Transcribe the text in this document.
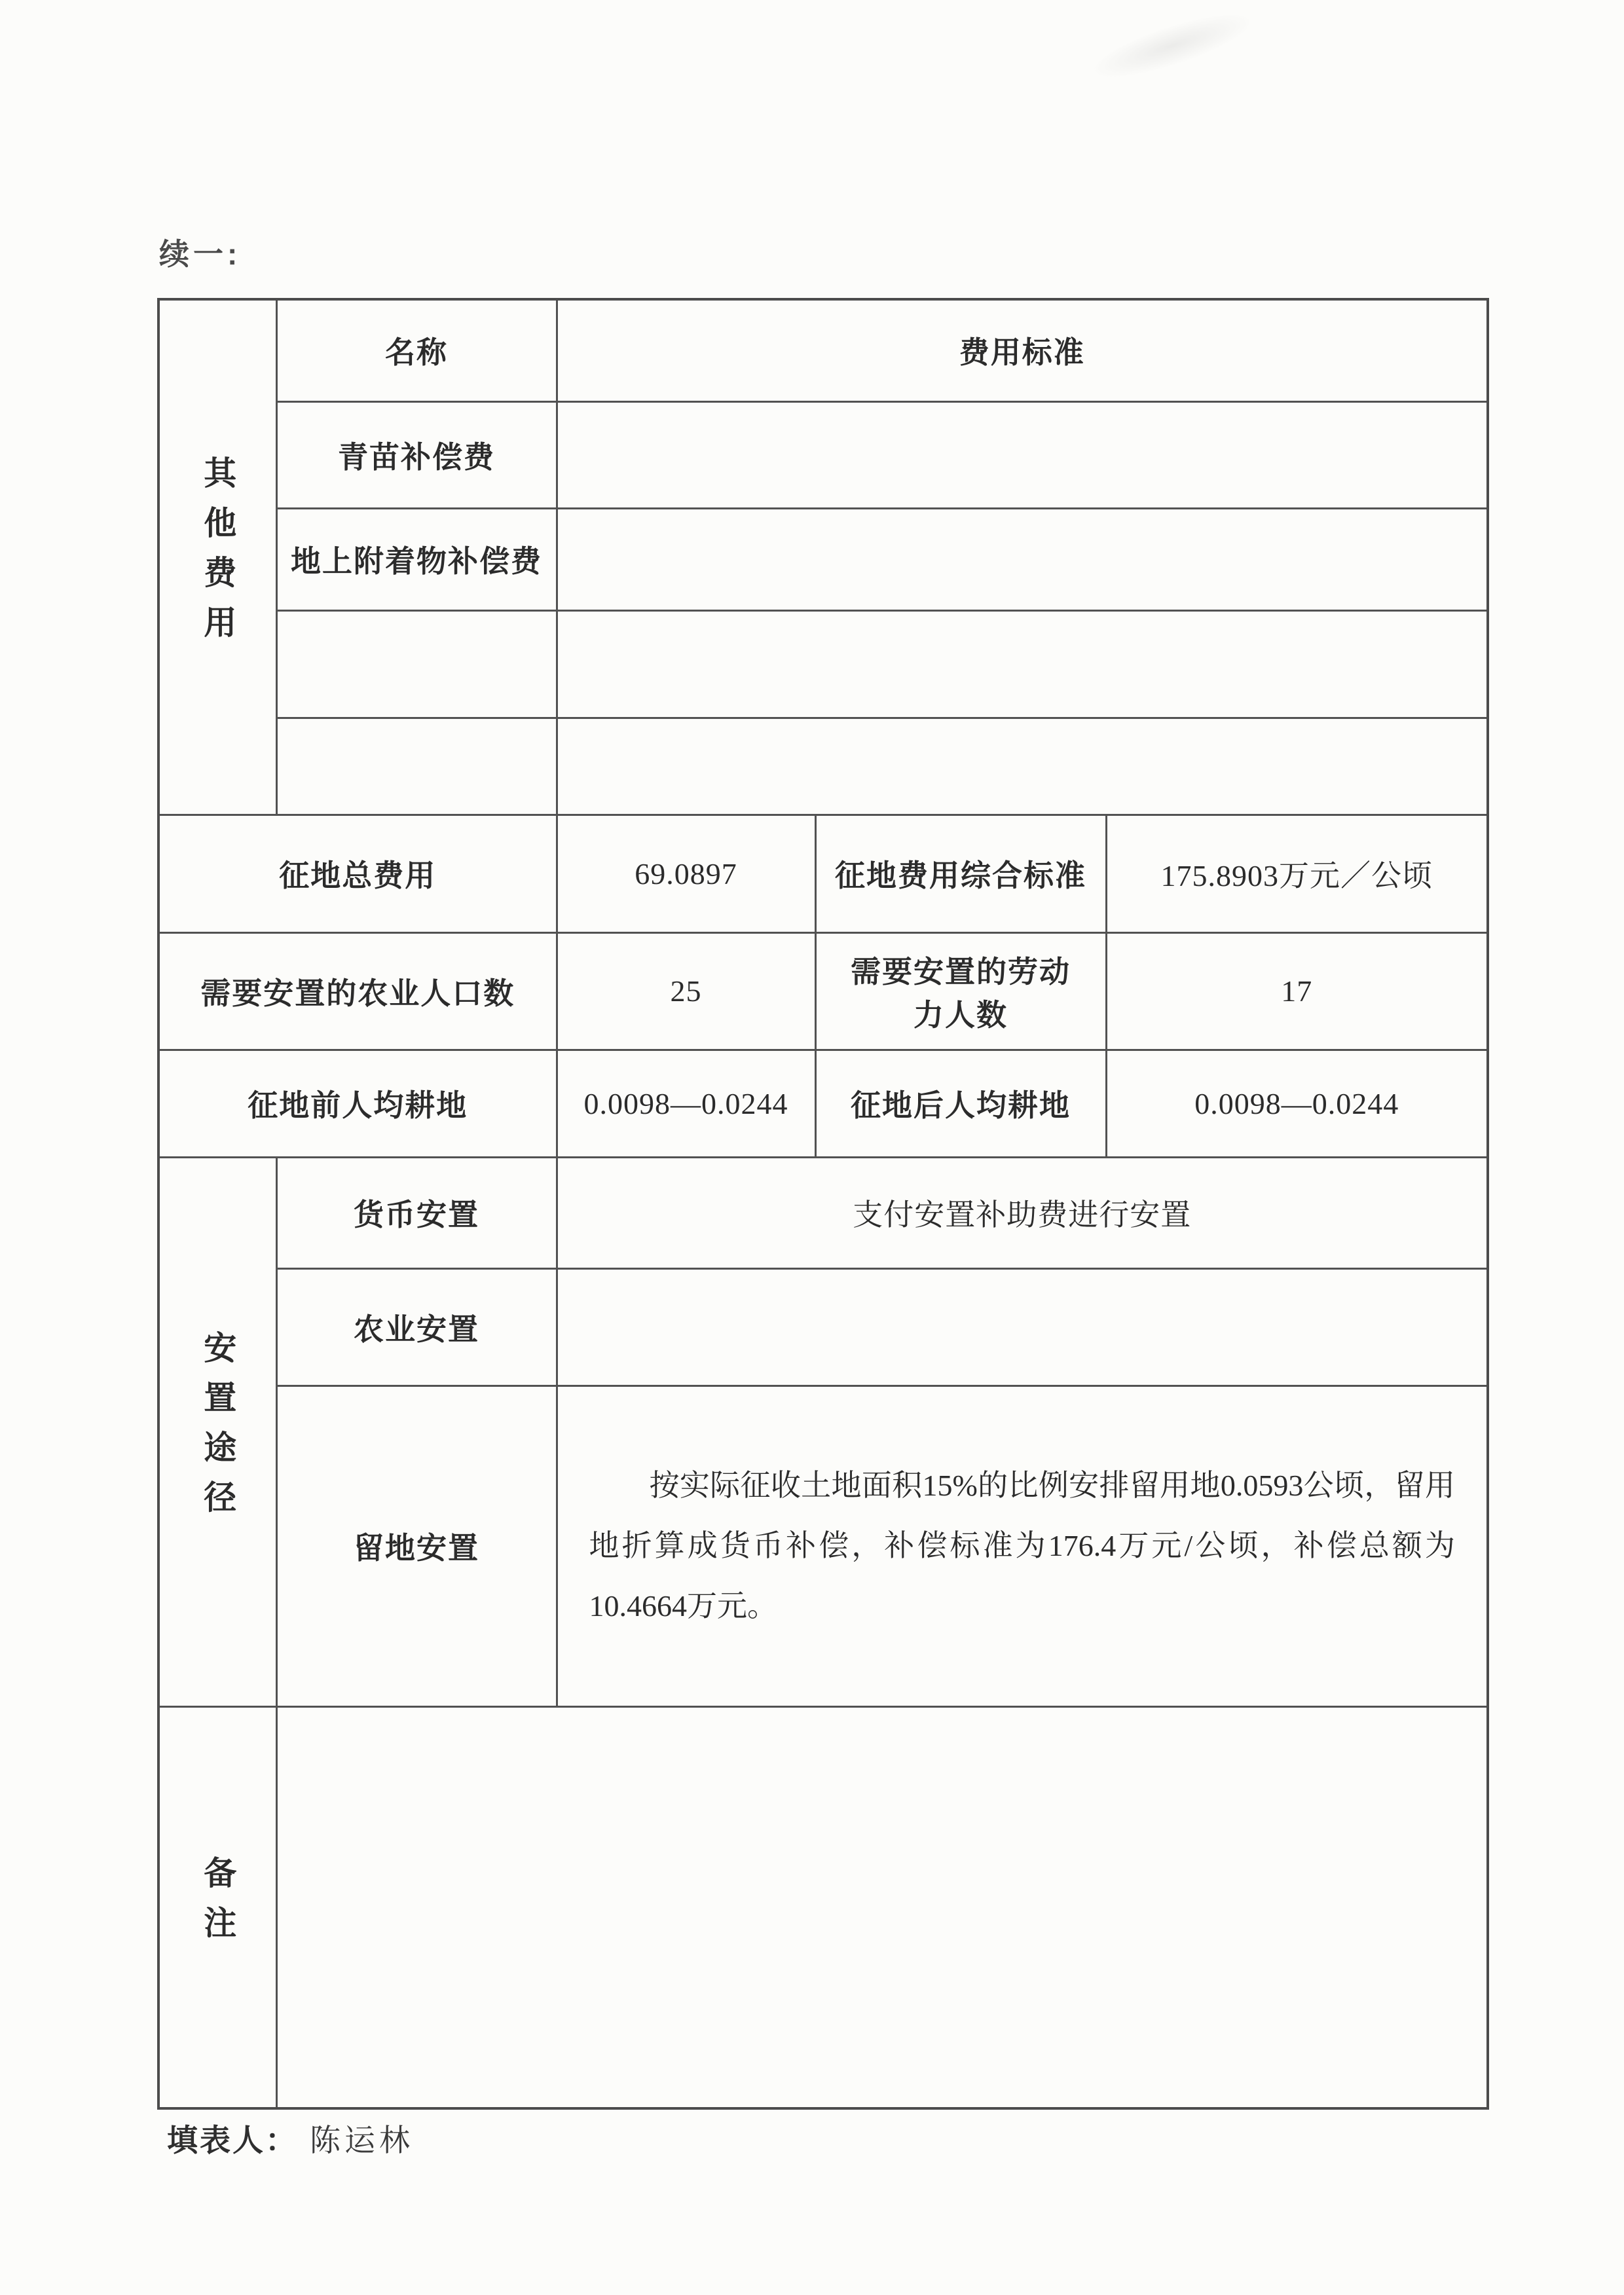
续一:
其他费用	名称	费用标准		
	青苗补偿费			
	地上附着物补偿费			

征地总费用		69.0897	征地费用综合标准	175.8903万元／公顷
需要安置的农业人口数		25	需要安置的劳动力人数	17
征地前人均耕地		0.0098—0.0244	征地后人均耕地	0.0098—0.0244
安置途径	货币安置	支付安置补助费进行安置		
	农业安置			
	留地安置	按实际征收土地面积15%的比例安排留用地0.0593公顷，留用地折算成货币补偿，补偿标准为176.4万元/公顷，补偿总额为10.4664万元。		

备注				
填表人： 陈运林
